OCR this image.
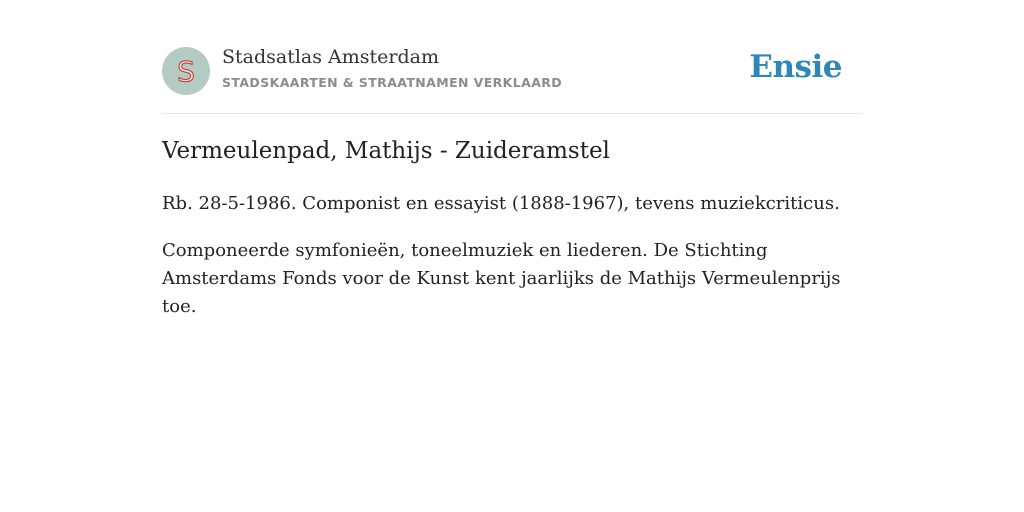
S Stadsatlas Amsterdam
STADSKAARTEN & STRAATNAMEN VERKLAARD	Ensie
Vermeulenpad, Mathijs - Zuideramstel

Rb. 28-5-1986. Componist en essayist (1888-1967), tevens muziekcriticus.

Componeerde symfonieën, toneelmuziek en liederen. De Stichting Amsterdams Fonds voor de Kunst kent jaarlijks de Mathijs Vermeulenprijs toe.
